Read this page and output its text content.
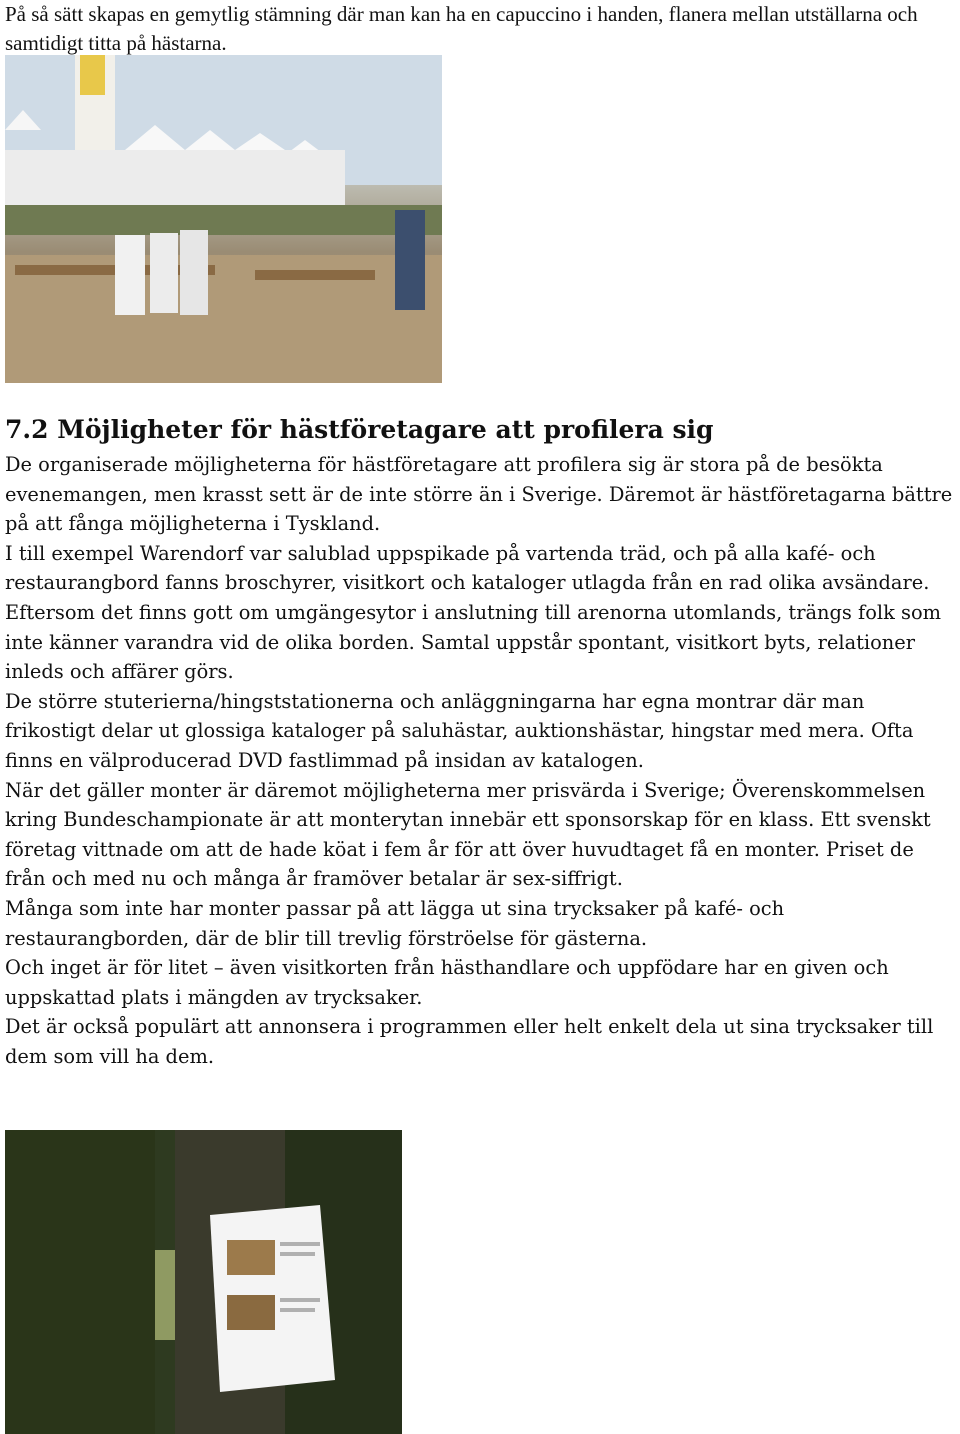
På så sätt skapas en gemytlig stämning där man kan ha en capuccino i handen, flanera mellan utställarna och samtidigt titta på hästarna.

7.2 Möjligheter för hästföretagare att profilera sig

De organiserade möjligheterna för hästföretagare att profilera sig är stora på de besökta evenemangen, men krasst sett är de inte större än i Sverige. Däremot är hästföretagarna bättre på att fånga möjligheterna i Tyskland.

I till exempel Warendorf var salublad uppspikade på vartenda träd, och på alla kafé- och restaurangbord fanns broschyrer, visitkort och kataloger utlagda från en rad olika avsändare.

Eftersom det finns gott om umgängesytor i anslutning till arenorna utomlands, trängs folk som inte känner varandra vid de olika borden. Samtal uppstår spontant, visitkort byts, relationer inleds och affärer görs.

De större stuterierna/hingststationerna och anläggningarna har egna montrar där man frikostigt delar ut glossiga kataloger på saluhästar, auktionshästar, hingstar med mera. Ofta finns en välproducerad DVD fastlimmad på insidan av katalogen.

När det gäller monter är däremot möjligheterna mer prisvärda i Sverige; Överenskommelsen kring Bundeschampionate är att monterytan innebär ett sponsorskap för en klass. Ett svenskt företag vittnade om att de hade köat i fem år för att över huvudtaget få en monter. Priset de från och med nu och många år framöver betalar är sex-siffrigt.

Många som inte har monter passar på att lägga ut sina trycksaker på kafé- och restaurangborden, där de blir till trevlig förströelse för gästerna.

Och inget är för litet – även visitkorten från hästhandlare och uppfödare har en given och uppskattad plats i mängden av trycksaker.

Det är också populärt att annonsera i programmen eller helt enkelt dela ut sina trycksaker till dem som vill ha dem.
